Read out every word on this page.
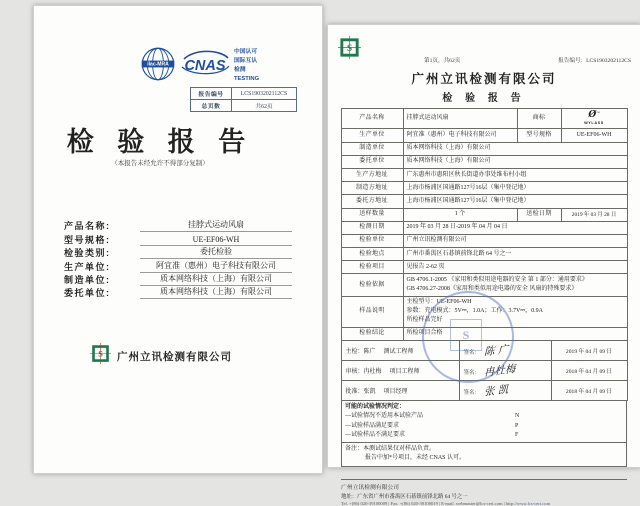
ilac-MRA CNAS
中国认可
国际互认
检测
TESTING
报告编号	LCS1903202112CS
总页数	共62页
检 验 报 告
（本报告未经允许不得部分复制）
产品名称:	挂脖式运动风扇
型号规格:	UE-EF06-WH
检验类别:	委托检验
生产单位:	阿宜准（惠州）电子科技有限公司
制造单位:	质本网络科技（上海）有限公司
委托单位:	质本网络科技（上海）有限公司
S 广州立讯检测有限公司
S
第1页，共62页	报告编号：LCS1903202112CS
广州立讯检测有限公司
检 验 报 告
产品名称	挂脖式运动风扇	商标	Ø™
WYLASS

生产单位	阿宜准（惠州）电子科技有限公司	型号规格	UE-EF06-WH
制造单位	质本网络科技（上海）有限公司		
委托单位	质本网络科技（上海）有限公司		
生产方地址	广东惠州市惠阳区秋长街道办事处维布村小组		
制造方地址	上海市杨浦区国通路127号16层（集中登记地）		
委托方地址	上海市杨浦区国通路127号16层（集中登记地）		
送样数量	1 个	送检日期	2019 年 03 月 28 日
检测日期	2019 年 03 月 28 日-2019 年 04 月 04 日		
检验单位	广州立讯检测有限公司		
检验地点	广州市番禺区石碁镇前锋北路 64 号之一		
检验项目	见报告 2-62 页		
检验依据	GB 4706.1-2005 《家用和类似用途电器的安全 第 1 部分：通用要求》
GB 4706.27-2008《家用和类似用途电器的安全 风扇的特殊要求》		

样品说明	主检型号：UE-EF06-WH
参数：充电模式：5V⎓，1.0A；工作：3.7V⎓，0.9A
所检样品完好		

检验结论	所检项目合格		
主检：陈广 测试工程师	签名: 陈 广	2019 年 04 月 09 日
审核：冉杜梅 项目工程师	签名: 冉杜梅	2018 年 04 月 09 日
批准：张凯 项目经理	签名: 张 凯	2018 年 04 月 09 日
可能的试验情况判定：
—试验情况不适用本试验产品	N
—试验样品满足要求	P
—试验样品不满足要求	F
备注：本测试结果仅对样品负责。
报告中加*号项目，未经 CNAS 认可。
广州立讯检测有限公司
地址：广东省广州市番禺区石碁镇前锋北路 64 号之一
Tel. +(86) 020-39100009 | Fax. +(86) 020-39100019 | E-mail. webmaster@lcs-cert.com | http://www.lcs-cert.com
S
